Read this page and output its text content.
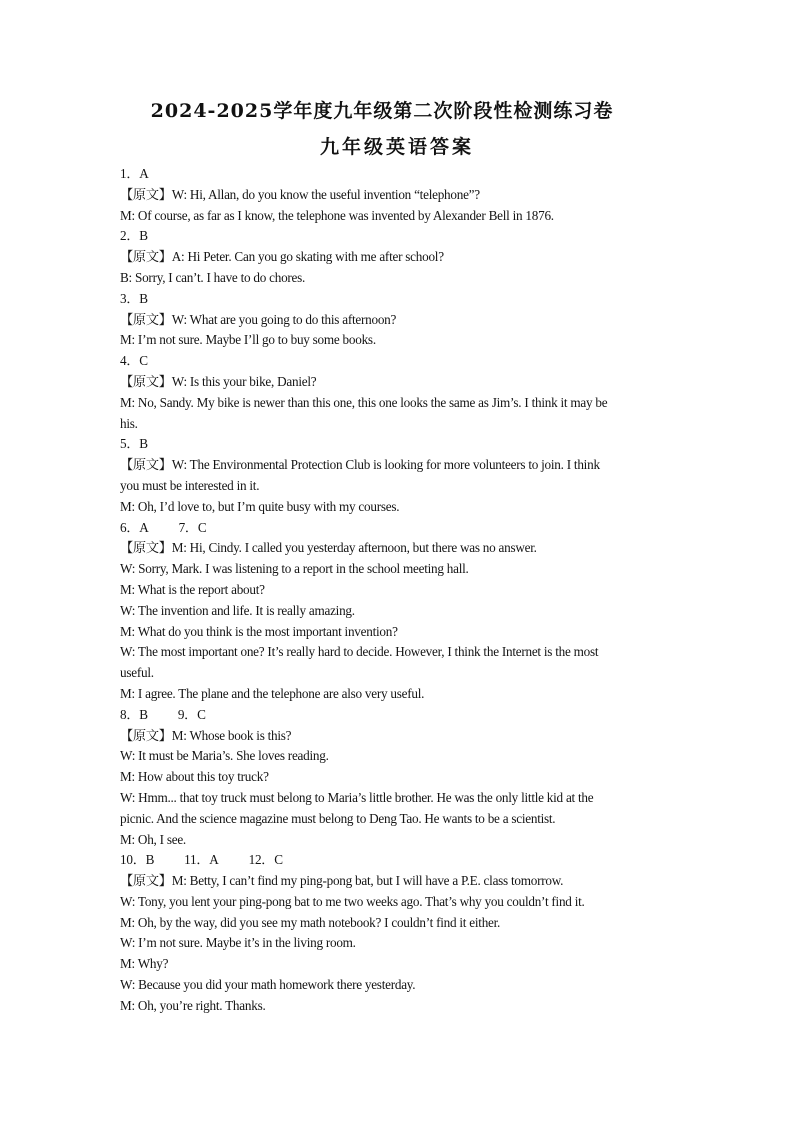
2024-2025学年度九年级第二次阶段性检测练习卷
九年级英语答案
1．A
【原文】W: Hi, Allan, do you know the useful invention “telephone”?
M: Of course, as far as I know, the telephone was invented by Alexander Bell in 1876.
2．B
【原文】A: Hi Peter. Can you go skating with me after school?
B: Sorry, I can’t. I have to do chores.
3．B
【原文】W: What are you going to do this afternoon?
M: I’m not sure. Maybe I’ll go to buy some books.
4．C
【原文】W: Is this your bike, Daniel?
M: No, Sandy. My bike is newer than this one, this one looks the same as Jim’s. I think it may be
his.
5．B
【原文】W: The Environmental Protection Club is looking for more volunteers to join. I think
you must be interested in it.
M: Oh, I’d love to, but I’m quite busy with my courses.
6．A 7．C
【原文】M: Hi, Cindy. I called you yesterday afternoon, but there was no answer.
W: Sorry, Mark. I was listening to a report in the school meeting hall.
M: What is the report about?
W: The invention and life. It is really amazing.
M: What do you think is the most important invention?
W: The most important one? It’s really hard to decide. However, I think the Internet is the most
useful.
M: I agree. The plane and the telephone are also very useful.
8．B 9．C
【原文】M: Whose book is this?
W: It must be Maria’s. She loves reading.
M: How about this toy truck?
W: Hmm... that toy truck must belong to Maria’s little brother. He was the only little kid at the
picnic. And the science magazine must belong to Deng Tao. He wants to be a scientist.
M: Oh, I see.
10．B 11．A 12．C
【原文】M: Betty, I can’t find my ping-pong bat, but I will have a P.E. class tomorrow.
W: Tony, you lent your ping-pong bat to me two weeks ago. That’s why you couldn’t find it.
M: Oh, by the way, did you see my math notebook? I couldn’t find it either.
W: I’m not sure. Maybe it’s in the living room.
M: Why?
W: Because you did your math homework there yesterday.
M: Oh, you’re right. Thanks.
